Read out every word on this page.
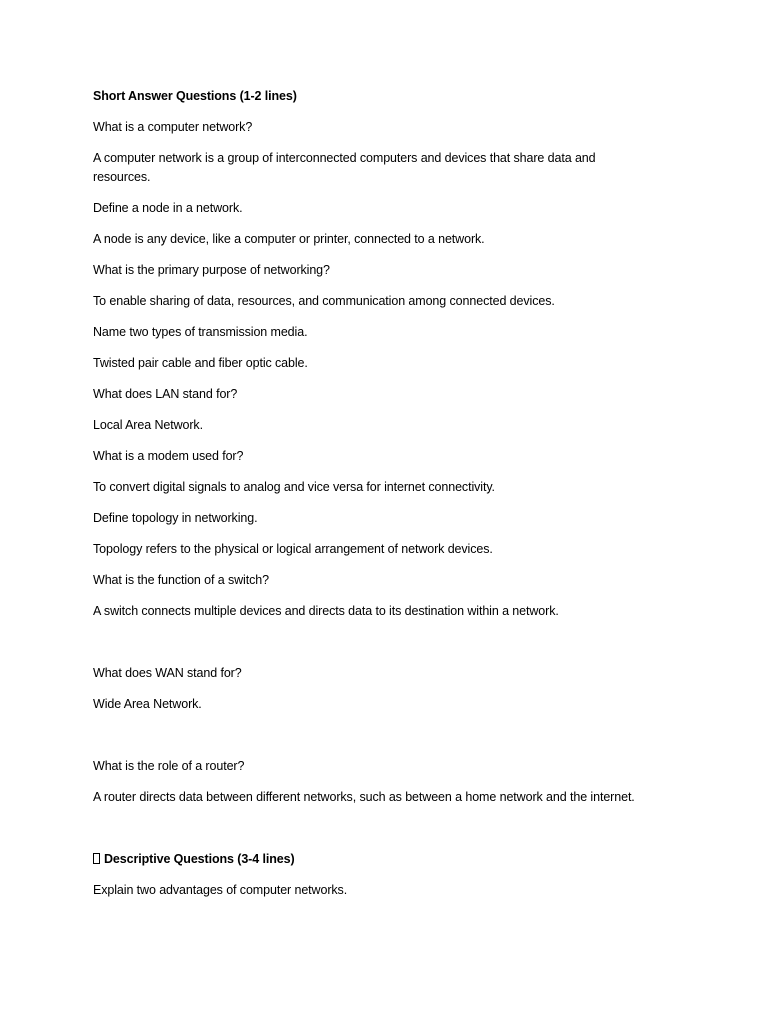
Short Answer Questions (1-2 lines)

What is a computer network?

A computer network is a group of interconnected computers and devices that share data and resources.

Define a node in a network.

A node is any device, like a computer or printer, connected to a network.

What is the primary purpose of networking?

To enable sharing of data, resources, and communication among connected devices.

Name two types of transmission media.

Twisted pair cable and fiber optic cable.

What does LAN stand for?

Local Area Network.

What is a modem used for?

To convert digital signals to analog and vice versa for internet connectivity.

Define topology in networking.

Topology refers to the physical or logical arrangement of network devices.

What is the function of a switch?

A switch connects multiple devices and directs data to its destination within a network.

What does WAN stand for?

Wide Area Network.

What is the role of a router?

A router directs data between different networks, such as between a home network and the internet.

Descriptive Questions (3-4 lines)

Explain two advantages of computer networks.
